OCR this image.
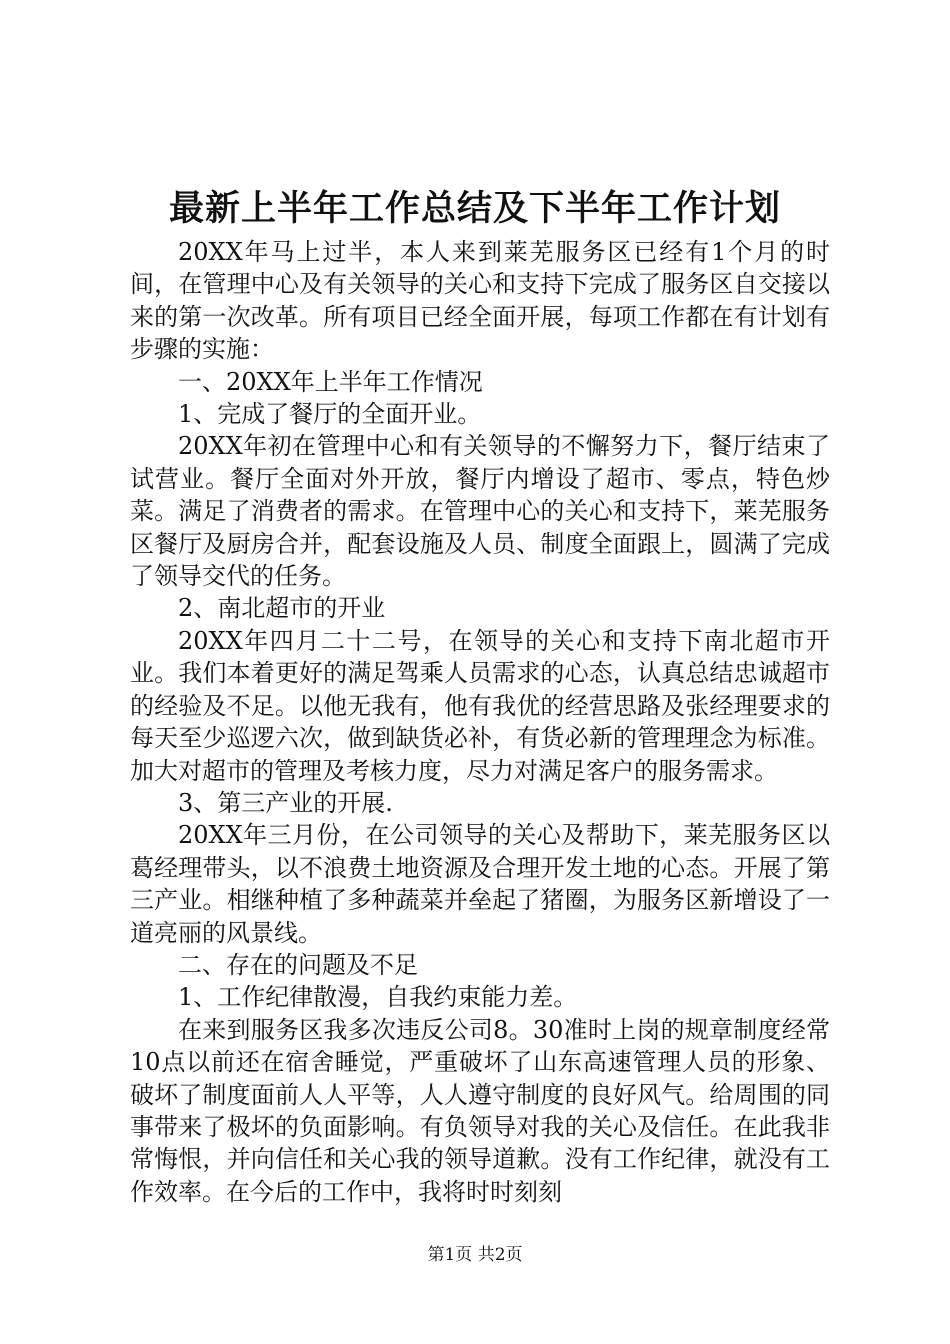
最新上半年工作总结及下半年工作计划

20XX年马上过半，本人来到莱芜服务区已经有1个月的时间，在管理中心及有关领导的关心和支持下完成了服务区自交接以来的第一次改革。所有项目已经全面开展，每项工作都在有计划有步骤的实施：

一、20XX年上半年工作情况

1、完成了餐厅的全面开业。

20XX年初在管理中心和有关领导的不懈努力下，餐厅结束了试营业。餐厅全面对外开放，餐厅内增设了超市、零点，特色炒菜。满足了消费者的需求。在管理中心的关心和支持下，莱芜服务区餐厅及厨房合并，配套设施及人员、制度全面跟上，圆满了完成了领导交代的任务。

2、南北超市的开业

20XX年四月二十二号，在领导的关心和支持下南北超市开业。我们本着更好的满足驾乘人员需求的心态，认真总结忠诚超市的经验及不足。以他无我有，他有我优的经营思路及张经理要求的每天至少巡逻六次，做到缺货必补，有货必新的管理理念为标准。加大对超市的管理及考核力度，尽力对满足客户的服务需求。

3、第三产业的开展.

20XX年三月份，在公司领导的关心及帮助下，莱芜服务区以葛经理带头，以不浪费土地资源及合理开发土地的心态。开展了第三产业。相继种植了多种蔬菜并垒起了猪圈，为服务区新增设了一道亮丽的风景线。

二、存在的问题及不足

1、工作纪律散漫，自我约束能力差。

在来到服务区我多次违反公司8。30准时上岗的规章制度经常10点以前还在宿舍睡觉，严重破坏了山东高速管理人员的形象、破坏了制度面前人人平等，人人遵守制度的良好风气。给周围的同事带来了极坏的负面影响。有负领导对我的关心及信任。在此我非常悔恨，并向信任和关心我的领导道歉。没有工作纪律，就没有工作效率。在今后的工作中，我将时时刻刻

第1页 共2页
